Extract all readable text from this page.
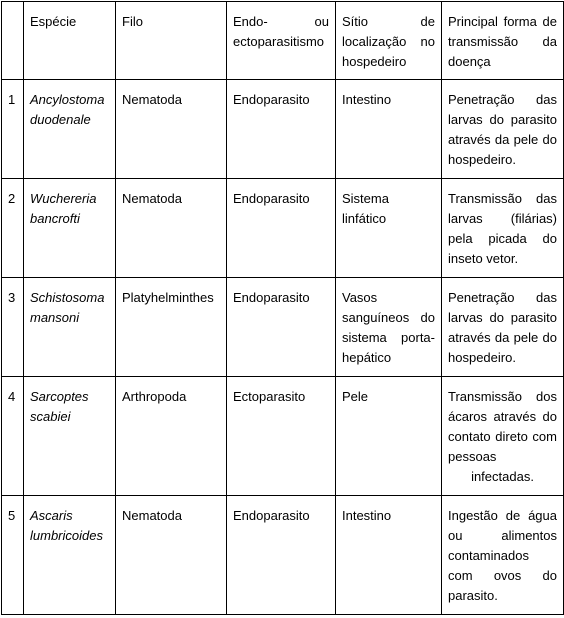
	Espécie	Filo	Endo- ou ectoparasitismo	Sítio de localização no hospedeiro	Principal forma de transmissão da doença
1	Ancylostoma duodenale	Nematoda	Endoparasito	Intestino	Penetração das larvas do parasito através da pele do hospedeiro.
2	Wuchereria bancrofti	Nematoda	Endoparasito	Sistema linfático	Transmissão das larvas (filárias) pela picada do inseto vetor.
3	Schistosoma mansoni	Platyhelminthes	Endoparasito	Vasos sanguíneos do sistema porta-hepático	Penetração das larvas do parasito através da pele do hospedeiro.
4	Sarcoptes scabiei	Arthropoda	Ectoparasito	Pele	Transmissão dos ácaros através do contato direto com pessoas infectadas.
5	Ascaris lumbricoides	Nematoda	Endoparasito	Intestino	Ingestão de água ou alimentos contaminados com ovos do parasito.
